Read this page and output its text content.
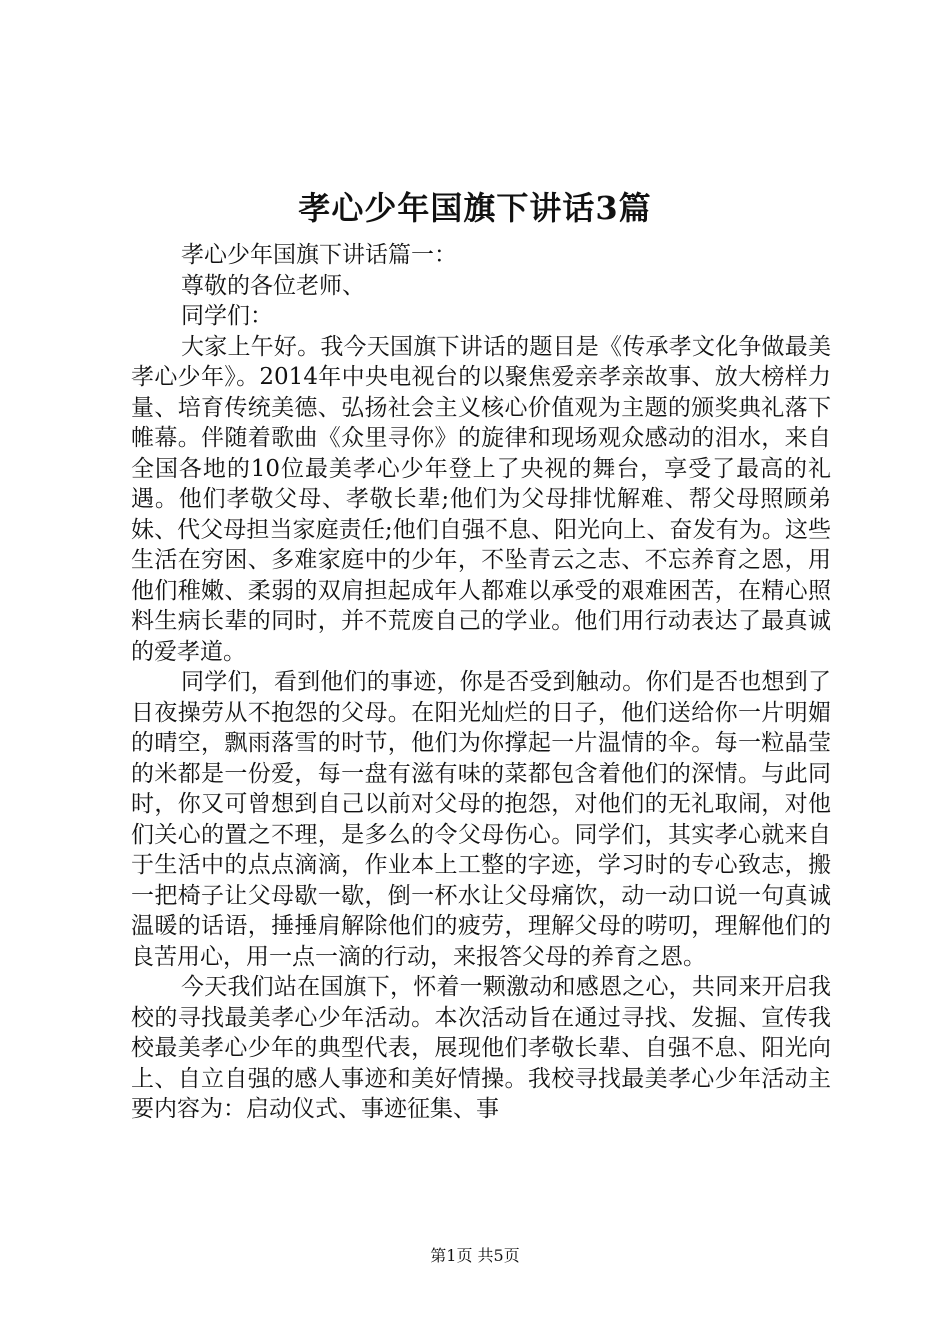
孝心少年国旗下讲话3篇

孝心少年国旗下讲话篇一：

尊敬的各位老师、

同学们：

大家上午好。我今天国旗下讲话的题目是《传承孝文化争做最美孝心少年》。2014年中央电视台的以聚焦爱亲孝亲故事、放大榜样力量、培育传统美德、弘扬社会主义核心价值观为主题的颁奖典礼落下帷幕。伴随着歌曲《众里寻你》的旋律和现场观众感动的泪水，来自全国各地的10位最美孝心少年登上了央视的舞台，享受了最高的礼遇。他们孝敬父母、孝敬长辈;他们为父母排忧解难、帮父母照顾弟妹、代父母担当家庭责任;他们自强不息、阳光向上、奋发有为。这些生活在穷困、多难家庭中的少年，不坠青云之志、不忘养育之恩，用他们稚嫩、柔弱的双肩担起成年人都难以承受的艰难困苦，在精心照料生病长辈的同时，并不荒废自己的学业。他们用行动表达了最真诚的爱孝道。

同学们，看到他们的事迹，你是否受到触动。你们是否也想到了日夜操劳从不抱怨的父母。在阳光灿烂的日子，他们送给你一片明媚的晴空，飘雨落雪的时节，他们为你撑起一片温情的伞。每一粒晶莹的米都是一份爱，每一盘有滋有味的菜都包含着他们的深情。与此同时，你又可曾想到自己以前对父母的抱怨，对他们的无礼取闹，对他们关心的置之不理，是多么的令父母伤心。同学们，其实孝心就来自于生活中的点点滴滴，作业本上工整的字迹，学习时的专心致志，搬一把椅子让父母歇一歇，倒一杯水让父母痛饮，动一动口说一句真诚温暖的话语，捶捶肩解除他们的疲劳，理解父母的唠叨，理解他们的良苦用心，用一点一滴的行动，来报答父母的养育之恩。

今天我们站在国旗下，怀着一颗激动和感恩之心，共同来开启我校的寻找最美孝心少年活动。本次活动旨在通过寻找、发掘、宣传我校最美孝心少年的典型代表，展现他们孝敬长辈、自强不息、阳光向上、自立自强的感人事迹和美好情操。我校寻找最美孝心少年活动主要内容为：启动仪式、事迹征集、事

第1页 共5页
